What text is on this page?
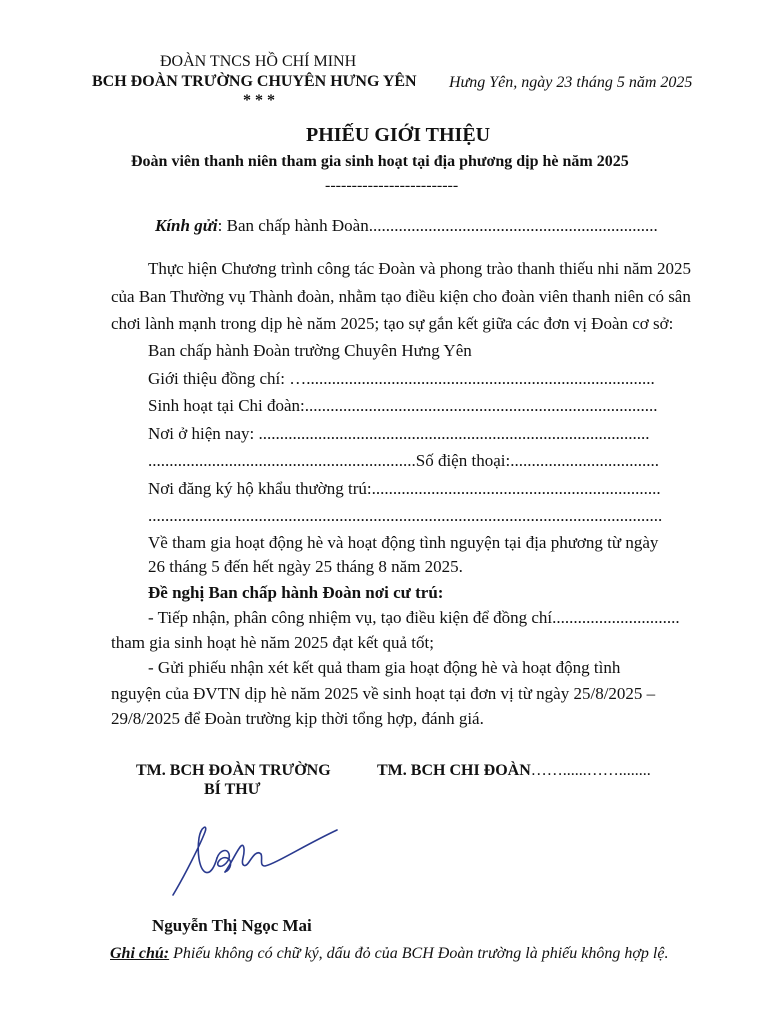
ĐOÀN TNCS HỒ CHÍ MINH
BCH ĐOÀN TRƯỜNG CHUYÊN HƯNG YÊN
* * *
Hưng Yên, ngày 23 tháng 5 năm 2025
PHIẾU GIỚI THIỆU
Đoàn viên thanh niên tham gia sinh hoạt tại địa phương dịp hè năm 2025
-------------------------
Kính gửi: Ban chấp hành Đoàn....................................................................
Thực hiện Chương trình công tác Đoàn và phong trào thanh thiếu nhi năm 2025
của Ban Thường vụ Thành đoàn, nhằm tạo điều kiện cho đoàn viên thanh niên có sân
chơi lành mạnh trong dịp hè năm 2025; tạo sự gắn kết giữa các đơn vị Đoàn cơ sở:
Ban chấp hành Đoàn trường Chuyên Hưng Yên
Giới thiệu đồng chí: …..................................................................................
Sinh hoạt tại Chi đoàn:...................................................................................
Nơi ở hiện nay: ............................................................................................
...............................................................Số điện thoại:...................................
Nơi đăng ký hộ khẩu thường trú:....................................................................
.........................................................................................................................
Về tham gia hoạt động hè và hoạt động tình nguyện tại địa phương từ ngày
26 tháng 5 đến hết ngày 25 tháng 8 năm 2025.
Đề nghị Ban chấp hành Đoàn nơi cư trú:
- Tiếp nhận, phân công nhiệm vụ, tạo điều kiện để đồng chí..............................
tham gia sinh hoạt hè năm 2025 đạt kết quả tốt;
- Gửi phiếu nhận xét kết quả tham gia hoạt động hè và hoạt động tình
nguyện của ĐVTN dịp hè năm 2025 về sinh hoạt tại đơn vị từ ngày 25/8/2025 –
29/8/2025 để Đoàn trường kịp thời tổng hợp, đánh giá.
TM. BCH ĐOÀN TRƯỜNG
BÍ THƯ
TM. BCH CHI ĐOÀN……......……........
Nguyễn Thị Ngọc Mai
Ghi chú: Phiếu không có chữ ký, dấu đỏ của BCH Đoàn trường là phiếu không hợp lệ.
